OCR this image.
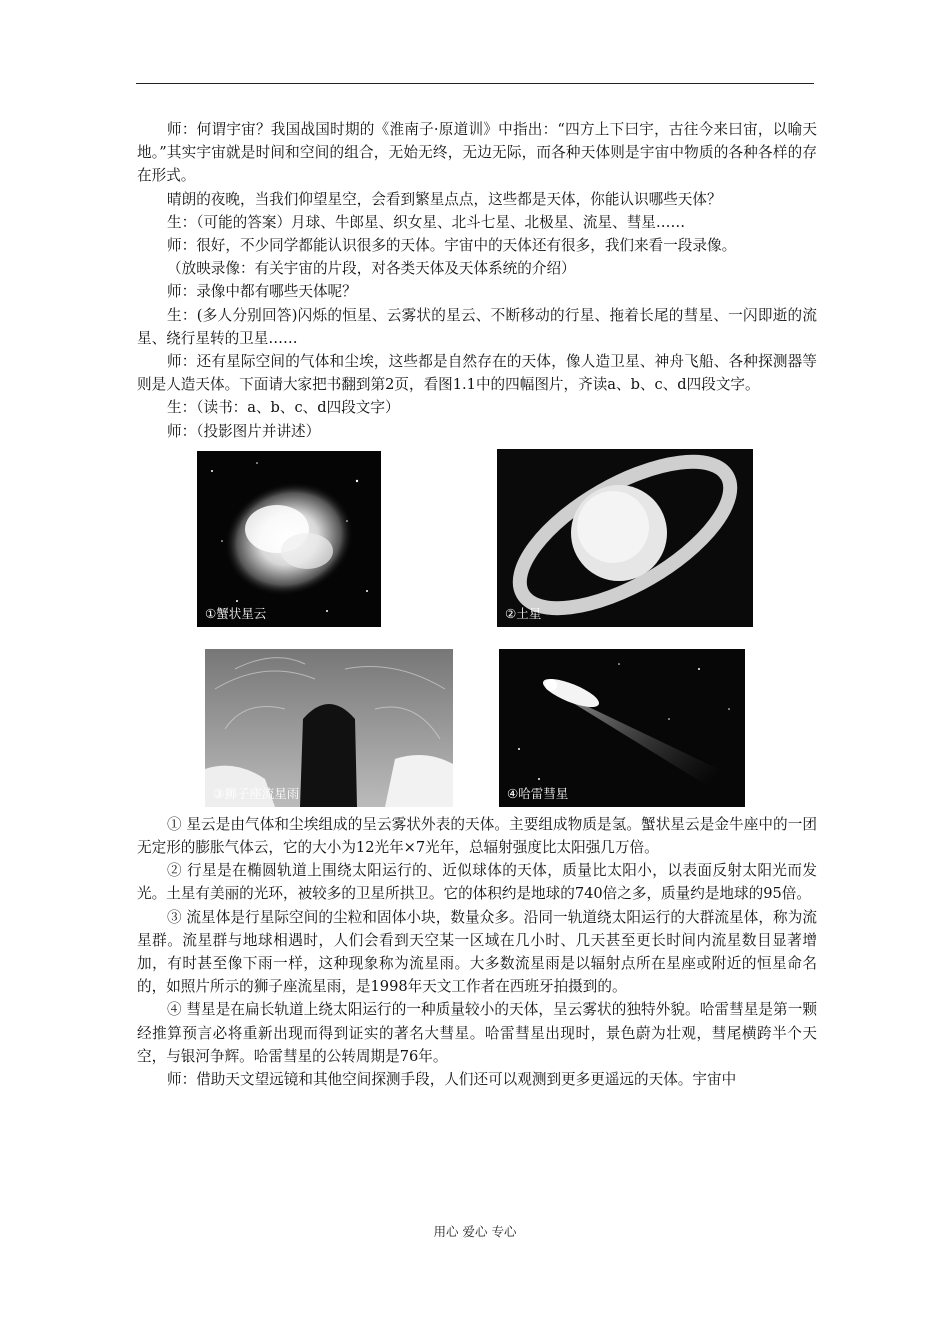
师：何谓宇宙？我国战国时期的《淮南子·原道训》中指出：“四方上下曰宇，古往今来曰宙，以喻天地。”其实宇宙就是时间和空间的组合，无始无终，无边无际，而各种天体则是宇宙中物质的各种各样的存在形式。

晴朗的夜晚，当我们仰望星空，会看到繁星点点，这些都是天体，你能认识哪些天体？

生：（可能的答案）月球、牛郎星、织女星、北斗七星、北极星、流星、彗星……

师：很好，不少同学都能认识很多的天体。宇宙中的天体还有很多，我们来看一段录像。

（放映录像：有关宇宙的片段，对各类天体及天体系统的介绍）

师：录像中都有哪些天体呢？

生：(多人分别回答)闪烁的恒星、云雾状的星云、不断移动的行星、拖着长尾的彗星、一闪即逝的流星、绕行星转的卫星……

师：还有星际空间的气体和尘埃，这些都是自然存在的天体，像人造卫星、神舟飞船、各种探测器等则是人造天体。下面请大家把书翻到第2页，看图1.1中的四幅图片，齐读a、b、c、d四段文字。

生：（读书：a、b、c、d四段文字）

师：（投影图片并讲述）

①蟹状星云	②土星
③狮子座流星雨	④哈雷彗星

① 星云是由气体和尘埃组成的呈云雾状外表的天体。主要组成物质是氢。蟹状星云是金牛座中的一团无定形的膨胀气体云，它的大小为12光年×7光年，总辐射强度比太阳强几万倍。

② 行星是在椭圆轨道上围绕太阳运行的、近似球体的天体，质量比太阳小，以表面反射太阳光而发光。土星有美丽的光环，被较多的卫星所拱卫。它的体积约是地球的740倍之多，质量约是地球的95倍。

③ 流星体是行星际空间的尘粒和固体小块，数量众多。沿同一轨道绕太阳运行的大群流星体，称为流星群。流星群与地球相遇时，人们会看到天空某一区域在几小时、几天甚至更长时间内流星数目显著增加，有时甚至像下雨一样，这种现象称为流星雨。大多数流星雨是以辐射点所在星座或附近的恒星命名的，如照片所示的狮子座流星雨，是1998年天文工作者在西班牙拍摄到的。

④ 彗星是在扁长轨道上绕太阳运行的一种质量较小的天体，呈云雾状的独特外貌。哈雷彗星是第一颗经推算预言必将重新出现而得到证实的著名大彗星。哈雷彗星出现时，景色蔚为壮观，彗尾横跨半个天空，与银河争辉。哈雷彗星的公转周期是76年。

师：借助天文望远镜和其他空间探测手段，人们还可以观测到更多更遥远的天体。宇宙中

用心 爱心 专心
